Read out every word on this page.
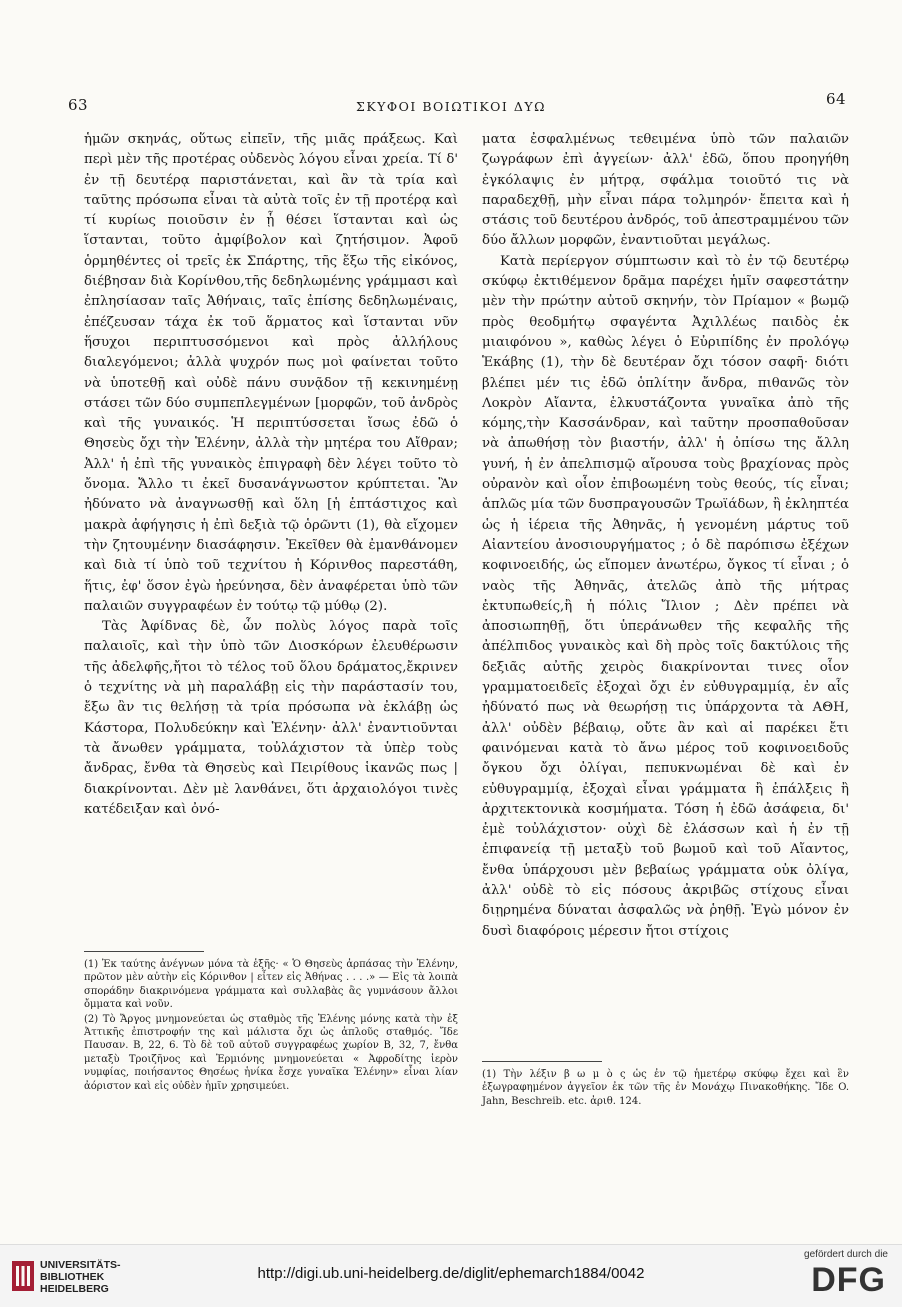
63	ΣΚΥΦΟΙ ΒΟΙΩΤΙΚΟΙ ΔΥΩ	64

ἡμῶν σκηνάς, οὕτως εἰπεῖν, τῆς μιᾶς πράξεως. Καὶ περὶ μὲν τῆς προτέρας οὐδενὸς λόγου εἶναι χρεία. Τί δ' ἐν τῇ δευτέρᾳ παριστάνεται, καὶ ἂν τὰ τρία καὶ ταῦτης πρόσωπα εἶναι τὰ αὐτὰ τοῖς ἐν τῇ προτέρᾳ καὶ τί κυρίως ποιοῦσιν ἐν ᾗ θέσει ἵστανται καὶ ὡς ἵστανται, τοῦτο ἀμφίβολον καὶ ζητήσιμον. Ἀφοῦ ὁρμηθέντες οἱ τρεῖς ἐκ Σπάρτης, τῆς ἔξω τῆς εἰκόνος, διέβησαν διὰ Κορίνθου,τῆς δεδηλωμένης γράμμασι καὶ ἐπλησίασαν ταῖς Ἀθήναις, ταῖς ἐπίσης δεδηλωμέναις, ἐπέζευσαν τάχα ἐκ τοῦ ἅρματος καὶ ἵστανται νῦν ἥσυχοι περιπτυσσόμενοι καὶ πρὸς ἀλλήλους διαλεγόμενοι; ἀλλὰ ψυχρόν πως μοὶ φαίνεται τοῦτο νὰ ὑποτεθῇ καὶ οὐδὲ πάνυ συνᾷδον τῇ κεκινημένῃ στάσει τῶν δύο συμπεπλεγμένων [μορφῶν, τοῦ ἀνδρὸς καὶ τῆς γυναικός. Ἡ περιπτύσσεται ἴσως ἐδῶ ὁ Θησεὺς ὄχι τὴν Ἑλένην, ἀλλὰ τὴν μητέρα του Αἴθραν; Ἀλλ' ἡ ἐπὶ τῆς γυναικὸς ἐπιγραφὴ δὲν λέγει τοῦτο τὸ ὄνομα. Ἄλλο τι ἐκεῖ δυσανάγνωστον κρύπτεται. Ἂν ἠδύνατο νὰ ἀναγνωσθῇ καὶ ὅλη [ἡ ἑπτάστιχος καὶ μακρὰ ἀφήγησις ἡ ἐπὶ δεξιὰ τῷ ὁρῶντι (1), θὰ εἴχομεν τὴν ζητουμένην διασάφησιν. Ἐκεῖθεν θὰ ἐμανθάνομεν καὶ διὰ τί ὑπὸ τοῦ τεχνίτου ἡ Κόρινθος παρεστάθη, ἥτις, ἐφ' ὅσον ἐγὼ ἠρεύνησα, δὲν ἀναφέρεται ὑπὸ τῶν παλαιῶν συγγραφέων ἐν τούτῳ τῷ μύθῳ (2).

Τὰς Ἀφίδνας δὲ, ὧν πολὺς λόγος παρὰ τοῖς παλαιοῖς, καὶ τὴν ὑπὸ τῶν Διοσκόρων ἐλευθέρωσιν τῆς ἀδελφῆς,ἤτοι τὸ τέλος τοῦ ὅλου δράματος,ἔκρινεν ὁ τεχνίτης νὰ μὴ παραλάβῃ εἰς τὴν παράστασίν του, ἔξω ἂν τις θελήσῃ τὰ τρία πρόσωπα νὰ ἐκλάβῃ ὡς Κάστορα, Πολυδεύκην καὶ Ἑλένην· ἀλλ' ἐναντιοῦνται τὰ ἄνωθεν γράμματα, τοὐλάχιστον τὰ ὑπὲρ τοὺς ἄνδρας, ἔνθα τὰ Θησεὺς καὶ Πειρίθους ἱκανῶς πως |διακρίνονται. Δὲν μὲ λανθάνει, ὅτι ἀρχαιολόγοι τινὲς κατέδειξαν καὶ ὀνό-

ματα ἐσφαλμένως τεθειμένα ὑπὸ τῶν παλαιῶν ζωγράφων ἐπὶ ἀγγείων· ἀλλ' ἐδῶ, ὅπου προηγήθη ἐγκόλαψις ἐν μήτρᾳ, σφάλμα τοιοῦτό τις νὰ παραδεχθῇ, μὴν εἶναι πάρα τολμηρόν· ἔπειτα καὶ ἡ στάσις τοῦ δευτέρου ἀνδρός, τοῦ ἀπεστραμμένου τῶν δύο ἄλλων μορφῶν, ἐναντιοῦται μεγάλως.

Κατὰ περίεργον σύμπτωσιν καὶ τὸ ἐν τῷ δευτέρῳ σκύφῳ ἐκτιθέμενον δρᾶμα παρέχει ἡμῖν σαφεστάτην μὲν τὴν πρώτην αὐτοῦ σκηνήν, τὸν Πρίαμον « βωμῷ πρὸς θεοδμήτῳ σφαγέντα Ἀχιλλέως παιδὸς ἐκ μιαιφόνου », καθὼς λέγει ὁ Εὐριπίδης ἐν προλόγῳ Ἑκάβης (1), τὴν δὲ δευτέραν ὄχι τόσον σαφῆ· διότι βλέπει μέν τις ἐδῶ ὁπλίτην ἄνδρα, πιθανῶς τὸν Λοκρὸν Αἴαντα, ἑλκυστάζοντα γυναῖκα ἀπὸ τῆς κόμης,τὴν Κασσάνδραν, καὶ ταῦτην προσπαθοῦσαν νὰ ἀπωθήσῃ τὸν βιαστήν, ἀλλ' ἡ ὀπίσω της ἄλλη γυνή, ἡ ἐν ἀπελπισμῷ αἴρουσα τοὺς βραχίονας πρὸς οὐρανὸν καὶ οἷον ἐπιβοωμένη τοὺς θεούς, τίς εἶναι; ἁπλῶς μία τῶν δυσπραγουσῶν Τρωϊάδων, ἢ ἐκληπτέα ὡς ἡ ἱέρεια τῆς Ἀθηνᾶς, ἡ γενομένη μάρτυς τοῦ Αἰαντείου ἀνοσιουργήματος ; ὁ δὲ παρόπισω ἐξέχων κοφινοειδής, ὡς εἴπομεν ἀνωτέρω, ὄγκος τί εἶναι ; ὁ ναὸς τῆς Ἀθηνᾶς, ἀτελῶς ἀπὸ τῆς μήτρας ἐκτυπωθείς,ἢ ἡ πόλις Ἴλιον ; Δὲν πρέπει νὰ ἀποσιωπηθῇ, ὅτι ὑπεράνωθεν τῆς κεφαλῆς τῆς ἀπέλπιδος γυναικὸς καὶ δὴ πρὸς τοῖς δακτύλοις τῆς δεξιᾶς αὐτῆς χειρὸς διακρίνονται τινες οἷον γραμματοειδεῖς ἐξοχαὶ ὄχι ἐν εὐθυγραμμίᾳ, ἐν αἷς ἠδύνατό πως νὰ θεωρήσῃ τις ὑπάρχοντα τὰ ΑΘΗ, ἀλλ' οὐδὲν βέβαιῳ, οὔτε ἂν καὶ αἱ παρέκει ἔτι φαινόμεναι κατὰ τὸ ἄνω μέρος τοῦ κοφινοειδοῦς ὄγκου ὄχι ὀλίγαι, πεπυκνωμέναι δὲ καὶ ἐν εὐθυγραμμίᾳ, ἐξοχαὶ εἶναι γράμματα ἢ ἐπάλξεις ἢ ἀρχιτεκτονικὰ κοσμήματα. Τόση ἡ ἐδῶ ἀσάφεια, δι' ἐμὲ τοὐλάχιστον· οὐχὶ δὲ ἐλάσσων καὶ ἡ ἐν τῇ ἐπιφανείᾳ τῇ μεταξὺ τοῦ βωμοῦ καὶ τοῦ Αἴαντος, ἔνθα ὑπάρχουσι μὲν βεβαίως γράμματα οὐκ ὀλίγα, ἀλλ' οὐδὲ τὸ εἰς πόσους ἀκριβῶς στίχους εἶναι διῃρημένα δύναται ἀσφαλῶς νὰ ῥηθῇ. Ἐγὼ μόνον ἐν δυσὶ διαφόροις μέρεσιν ἤτοι στίχοις

(1) Ἐκ ταύτης ἀνέγνων μόνα τὰ ἑξῆς· « Ὁ Θησεὺς ἁρπάσας τὴν Ἑλένην, πρῶτον μὲν αὐτὴν εἰς Κόρινθον | εἶτεν εἰς Ἀθήνας . . . .» — Εἰς τὰ λοιπὰ σποράδην διακρινόμενα γράμματα καὶ συλλαβὰς ἂς γυμνάσουν ἄλλοι ὄμματα καὶ νοῦν.

(2) Τὸ Ἄργος μνημονεύεται ὡς σταθμὸς τῆς Ἑλένης μόνης κατὰ τὴν ἐξ Ἀττικῆς ἐπιστροφήν της καὶ μάλιστα ὄχι ὡς ἁπλοῦς σταθμός. Ἴδε Παυσαν. Β, 22, 6. Τὸ δὲ τοῦ αὐτοῦ συγγραφέως χωρίον Β, 32, 7, ἔνθα μεταξὺ Τροιζῆνος καὶ Ἑρμιόνης μνημονεύεται « Ἀφροδίτης ἱερὸν νυμφίας, ποιήσαντος Θησέως ἡνίκα ἔσχε γυναῖκα Ἑλένην» εἶναι λίαν ἀόριστον καὶ εἰς οὐδὲν ἡμῖν χρησιμεύει.

(1) Τὴν λέξιν β ω μ ὸ ς ὡς ἐν τῷ ἡμετέρῳ σκύφῳ ἔχει καὶ ἓν ἐξωγραφημένον ἀγγεῖον ἐκ τῶν τῆς ἐν Μονάχῳ Πινακοθήκης. Ἴδε O. Jahn, Beschreib. etc. ἀριθ. 124.

UNIVERSITÄTS-
BIBLIOTHEK
HEIDELBERG
http://digi.ub.uni-heidelberg.de/diglit/ephemarch1884/0042
gefördert durch die
DFG
